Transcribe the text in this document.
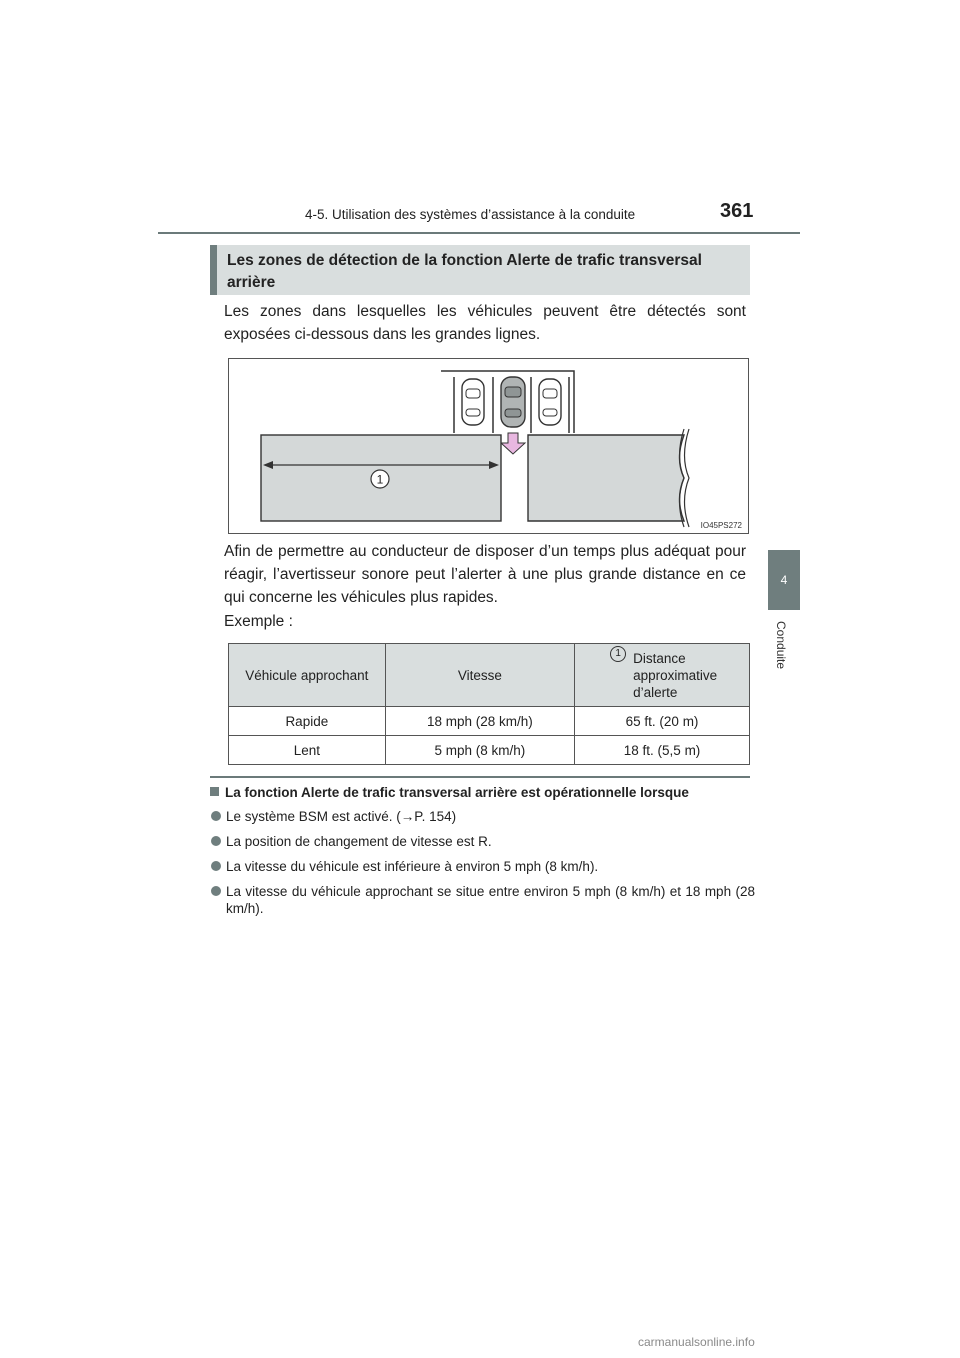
4-5. Utilisation des systèmes d’assistance à la conduite	361
4
Conduite
Les zones de détection de la fonction Alerte de trafic transversal arrière
Les zones dans lesquelles les véhicules peuvent être détectés sont exposées ci-dessous dans les grandes lignes.
1
IO45PS272
Afin de permettre au conducteur de disposer d’un temps plus adéquat pour réagir, l’avertisseur sonore peut l’alerter à une plus grande distance en ce qui concerne les véhicules plus rapides.
Exemple :
Véhicule approchant	Vitesse	1 Distance approximative d’alerte
Rapide	18 mph (28 km/h)	65 ft. (20 m)
Lent	5 mph (8 km/h)	18 ft. (5,5 m)
La fonction Alerte de trafic transversal arrière est opérationnelle lorsque
Le système BSM est activé. (→P. 154)
La position de changement de vitesse est R.
La vitesse du véhicule est inférieure à environ 5 mph (8 km/h).
La vitesse du véhicule approchant se situe entre environ 5 mph (8 km/h) et 18 mph (28 km/h).
carmanualsonline.info
